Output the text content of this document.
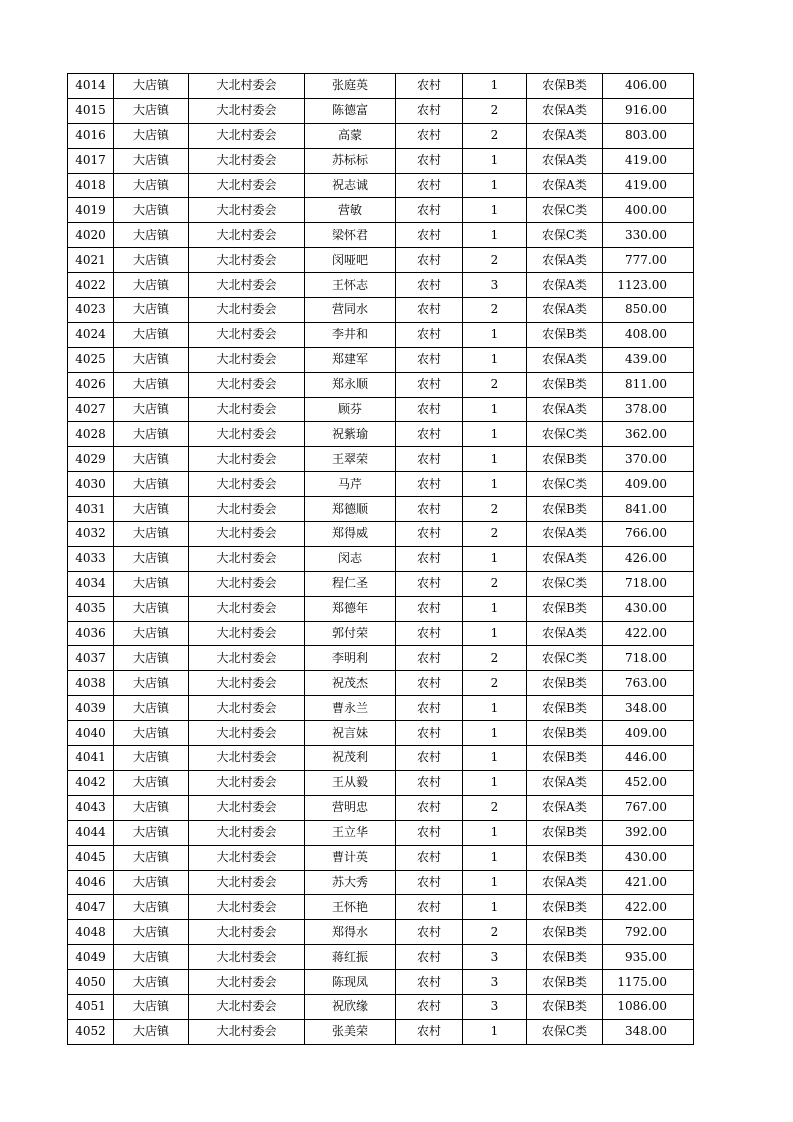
4014	大店镇	大北村委会	张庭英	农村	1	农保B类	406.00
4015	大店镇	大北村委会	陈德富	农村	2	农保A类	916.00
4016	大店镇	大北村委会	高蒙	农村	2	农保A类	803.00
4017	大店镇	大北村委会	苏标标	农村	1	农保A类	419.00
4018	大店镇	大北村委会	祝志诚	农村	1	农保A类	419.00
4019	大店镇	大北村委会	营敏	农村	1	农保C类	400.00
4020	大店镇	大北村委会	梁怀君	农村	1	农保C类	330.00
4021	大店镇	大北村委会	闵哑吧	农村	2	农保A类	777.00
4022	大店镇	大北村委会	王怀志	农村	3	农保A类	1123.00
4023	大店镇	大北村委会	营同水	农村	2	农保A类	850.00
4024	大店镇	大北村委会	李井和	农村	1	农保B类	408.00
4025	大店镇	大北村委会	郑建军	农村	1	农保A类	439.00
4026	大店镇	大北村委会	郑永顺	农村	2	农保B类	811.00
4027	大店镇	大北村委会	顾芬	农村	1	农保A类	378.00
4028	大店镇	大北村委会	祝紫瑜	农村	1	农保C类	362.00
4029	大店镇	大北村委会	王翠荣	农村	1	农保B类	370.00
4030	大店镇	大北村委会	马芹	农村	1	农保C类	409.00
4031	大店镇	大北村委会	郑德顺	农村	2	农保B类	841.00
4032	大店镇	大北村委会	郑得威	农村	2	农保A类	766.00
4033	大店镇	大北村委会	闵志	农村	1	农保A类	426.00
4034	大店镇	大北村委会	程仁圣	农村	2	农保C类	718.00
4035	大店镇	大北村委会	郑德年	农村	1	农保B类	430.00
4036	大店镇	大北村委会	郭付荣	农村	1	农保A类	422.00
4037	大店镇	大北村委会	李明利	农村	2	农保C类	718.00
4038	大店镇	大北村委会	祝茂杰	农村	2	农保B类	763.00
4039	大店镇	大北村委会	曹永兰	农村	1	农保B类	348.00
4040	大店镇	大北村委会	祝言妹	农村	1	农保B类	409.00
4041	大店镇	大北村委会	祝茂利	农村	1	农保B类	446.00
4042	大店镇	大北村委会	王从毅	农村	1	农保A类	452.00
4043	大店镇	大北村委会	营明忠	农村	2	农保A类	767.00
4044	大店镇	大北村委会	王立华	农村	1	农保B类	392.00
4045	大店镇	大北村委会	曹计英	农村	1	农保B类	430.00
4046	大店镇	大北村委会	苏大秀	农村	1	农保A类	421.00
4047	大店镇	大北村委会	王怀艳	农村	1	农保B类	422.00
4048	大店镇	大北村委会	郑得水	农村	2	农保B类	792.00
4049	大店镇	大北村委会	蒋红振	农村	3	农保B类	935.00
4050	大店镇	大北村委会	陈现凤	农村	3	农保B类	1175.00
4051	大店镇	大北村委会	祝欣缘	农村	3	农保B类	1086.00
4052	大店镇	大北村委会	张美荣	农村	1	农保C类	348.00
